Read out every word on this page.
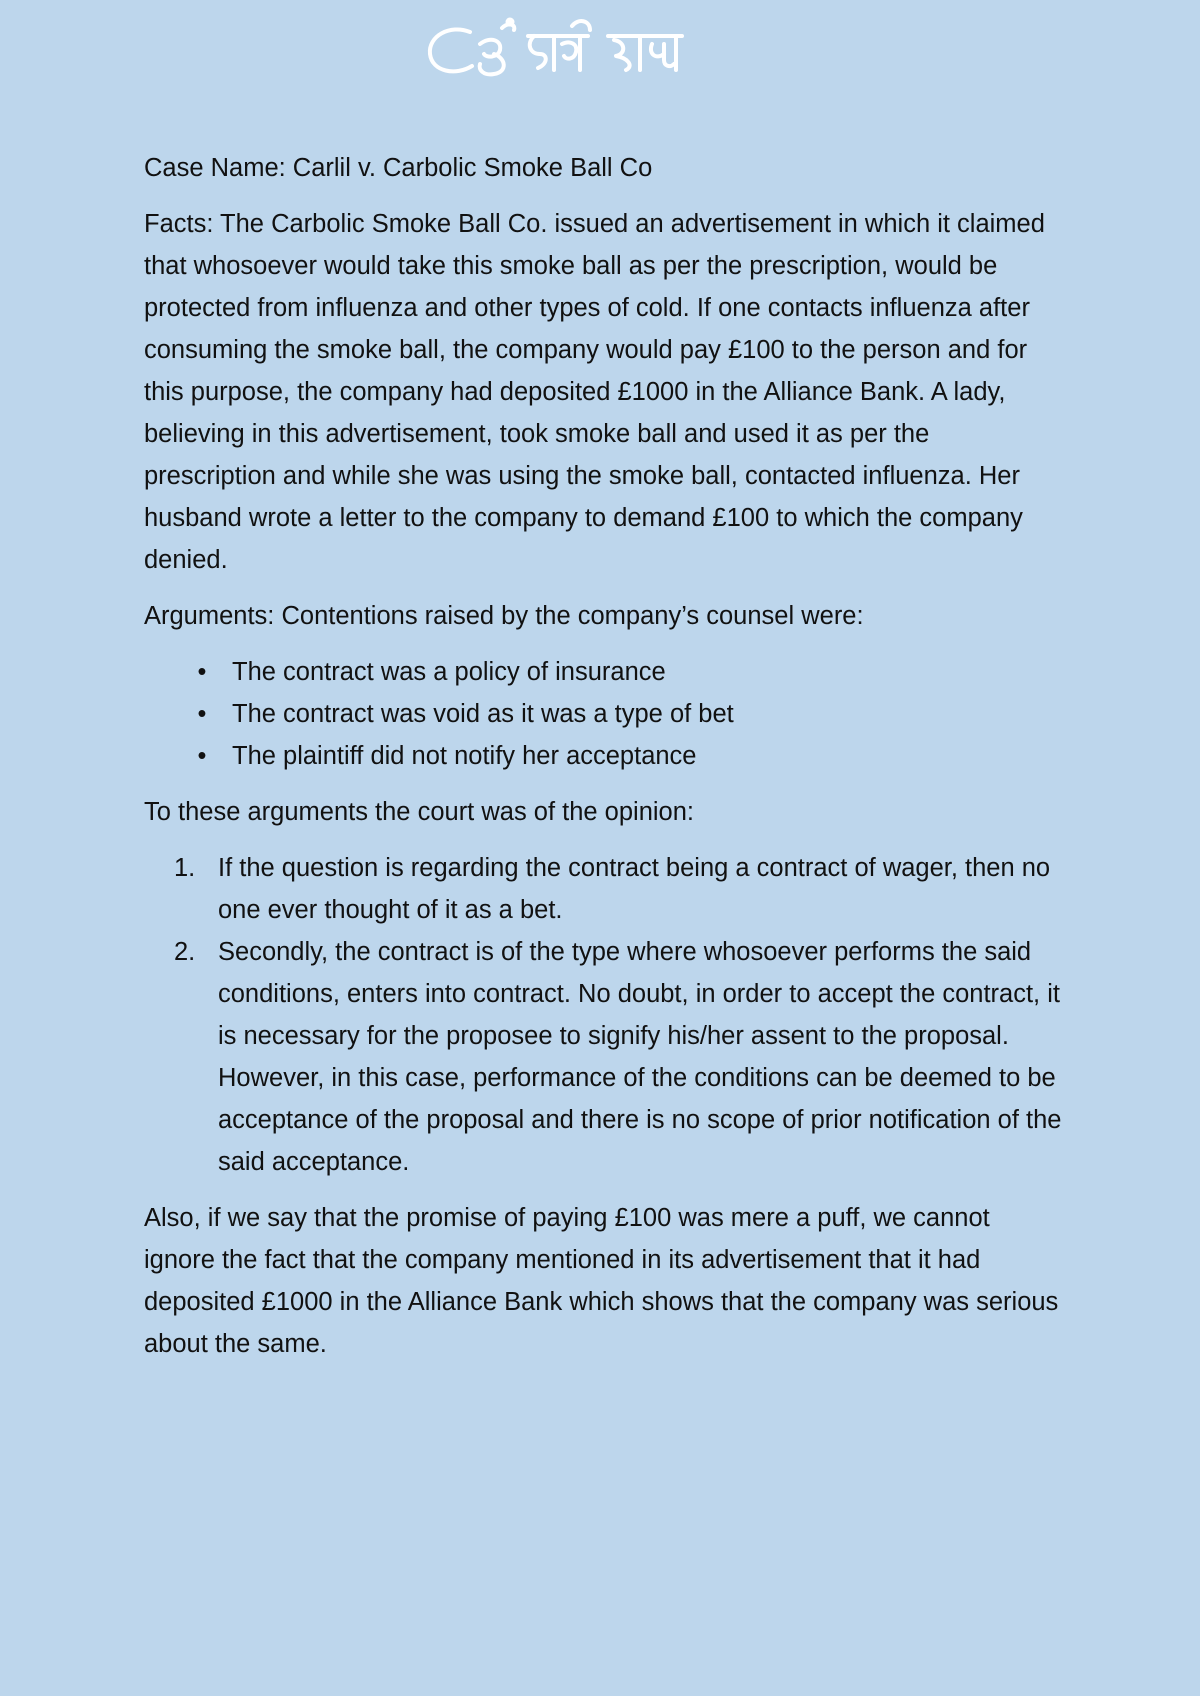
Case Name: Carlil v. Carbolic Smoke Ball Co

Facts: The Carbolic Smoke Ball Co. issued an advertisement in which it claimed that whosoever would take this smoke ball as per the prescription, would be protected from influenza and other types of cold. If one contacts influenza after consuming the smoke ball, the company would pay £100 to the person and for this purpose, the company had deposited £1000 in the Alliance Bank. A lady, believing in this advertisement, took smoke ball and used it as per the prescription and while she was using the smoke ball, contacted influenza. Her husband wrote a letter to the company to demand £100 to which the company denied.

Arguments: Contentions raised by the company’s counsel were:

• The contract was a policy of insurance
• The contract was void as it was a type of bet
• The plaintiff did not notify her acceptance

To these arguments the court was of the opinion:

1. If the question is regarding the contract being a contract of wager, then no one ever thought of it as a bet.
2. Secondly, the contract is of the type where whosoever performs the said conditions, enters into contract. No doubt, in order to accept the contract, it is necessary for the proposee to signify his/her assent to the proposal. However, in this case, performance of the conditions can be deemed to be acceptance of the proposal and there is no scope of prior notification of the said acceptance.

Also, if we say that the promise of paying £100 was mere a puff, we cannot ignore the fact that the company mentioned in its advertisement that it had deposited £1000 in the Alliance Bank which shows that the company was serious about the same.
